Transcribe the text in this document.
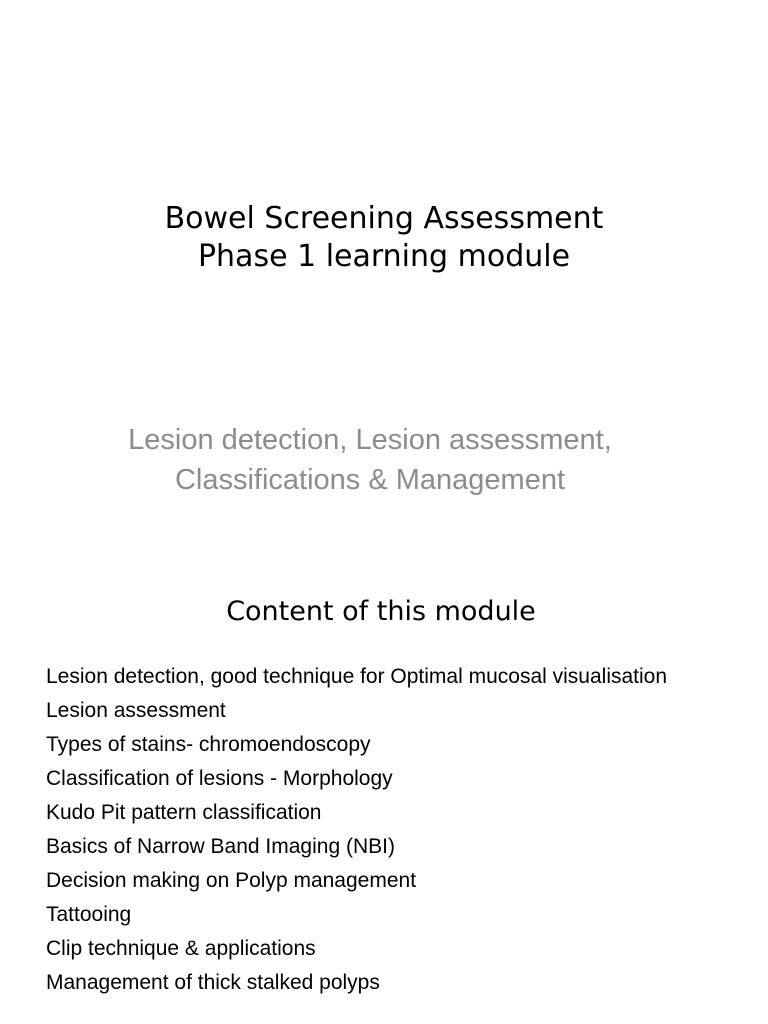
Bowel Screening Assessment
Phase 1 learning module
Lesion detection, Lesion assessment,
Classifications & Management
Content of this module
Lesion detection, good technique for Optimal mucosal visualisation
Lesion assessment
Types of stains- chromoendoscopy
Classification of lesions - Morphology
Kudo Pit pattern classification
Basics of Narrow Band Imaging (NBI)
Decision making on Polyp management
Tattooing
Clip technique & applications
Management of thick stalked polyps
